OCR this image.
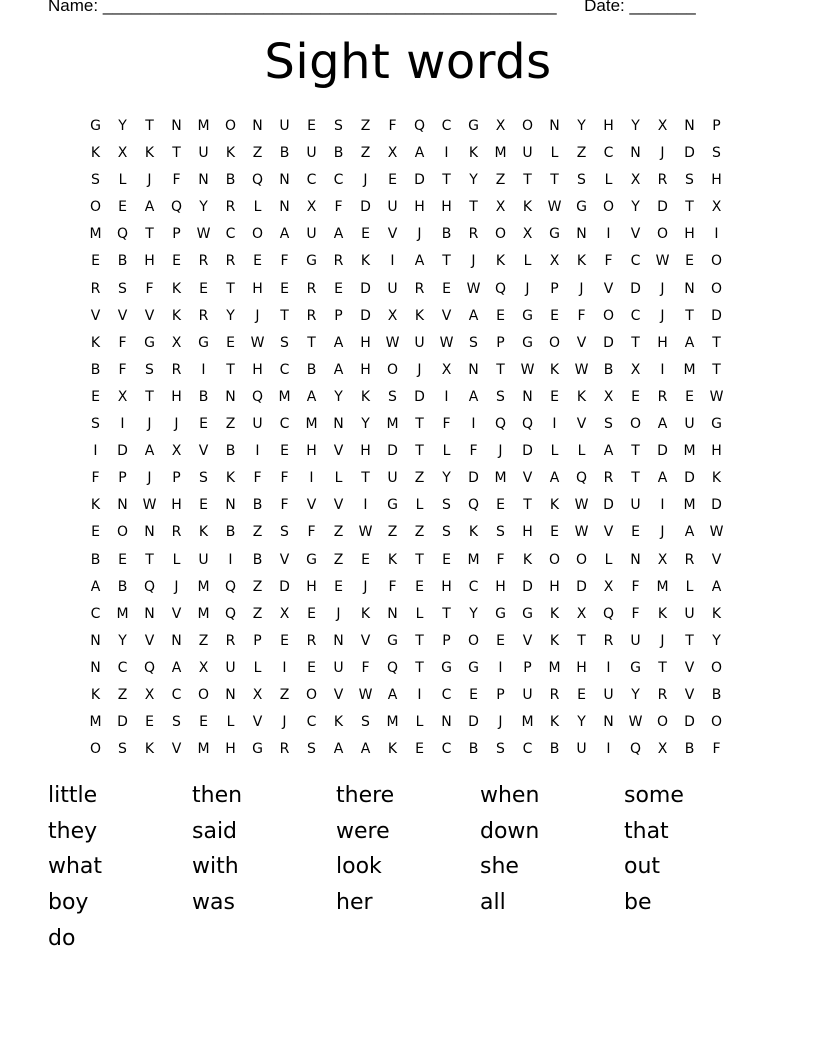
Name: ________________________________________________ Date: _______
Sight words
G	Y	T	N	M	O	N	U	E	S	Z	F	Q	C	G	X	O	N	Y	H	Y	X	N	P
K	X	K	T	U	K	Z	B	U	B	Z	X	A	I	K	M	U	L	Z	C	N	J	D	S
S	L	J	F	N	B	Q	N	C	C	J	E	D	T	Y	Z	T	T	S	L	X	R	S	H
O	E	A	Q	Y	R	L	N	X	F	D	U	H	H	T	X	K	W	G	O	Y	D	T	X
M	Q	T	P	W	C	O	A	U	A	E	V	J	B	R	O	X	G	N	I	V	O	H	I
E	B	H	E	R	R	E	F	G	R	K	I	A	T	J	K	L	X	K	F	C	W	E	O
R	S	F	K	E	T	H	E	R	E	D	U	R	E	W	Q	J	P	J	V	D	J	N	O
V	V	V	K	R	Y	J	T	R	P	D	X	K	V	A	E	G	E	F	O	C	J	T	D
K	F	G	X	G	E	W	S	T	A	H	W	U	W	S	P	G	O	V	D	T	H	A	T
B	F	S	R	I	T	H	C	B	A	H	O	J	X	N	T	W	K	W	B	X	I	M	T
E	X	T	H	B	N	Q	M	A	Y	K	S	D	I	A	S	N	E	K	X	E	R	E	W
S	I	J	J	E	Z	U	C	M	N	Y	M	T	F	I	Q	Q	I	V	S	O	A	U	G
I	D	A	X	V	B	I	E	H	V	H	D	T	L	F	J	D	L	L	A	T	D	M	H
F	P	J	P	S	K	F	F	I	L	T	U	Z	Y	D	M	V	A	Q	R	T	A	D	K
K	N	W	H	E	N	B	F	V	V	I	G	L	S	Q	E	T	K	W	D	U	I	M	D
E	O	N	R	K	B	Z	S	F	Z	W	Z	Z	S	K	S	H	E	W	V	E	J	A	W
B	E	T	L	U	I	B	V	G	Z	E	K	T	E	M	F	K	O	O	L	N	X	R	V
A	B	Q	J	M	Q	Z	D	H	E	J	F	E	H	C	H	D	H	D	X	F	M	L	A
C	M	N	V	M	Q	Z	X	E	J	K	N	L	T	Y	G	G	K	X	Q	F	K	U	K
N	Y	V	N	Z	R	P	E	R	N	V	G	T	P	O	E	V	K	T	R	U	J	T	Y
N	C	Q	A	X	U	L	I	E	U	F	Q	T	G	G	I	P	M	H	I	G	T	V	O
K	Z	X	C	O	N	X	Z	O	V	W	A	I	C	E	P	U	R	E	U	Y	R	V	B
M	D	E	S	E	L	V	J	C	K	S	M	L	N	D	J	M	K	Y	N	W	O	D	O
O	S	K	V	M	H	G	R	S	A	A	K	E	C	B	S	C	B	U	I	Q	X	B	F
little	then	there	when	some
they	said	were	down	that
what	with	look	she	out
boy	was	her	all	be
do
